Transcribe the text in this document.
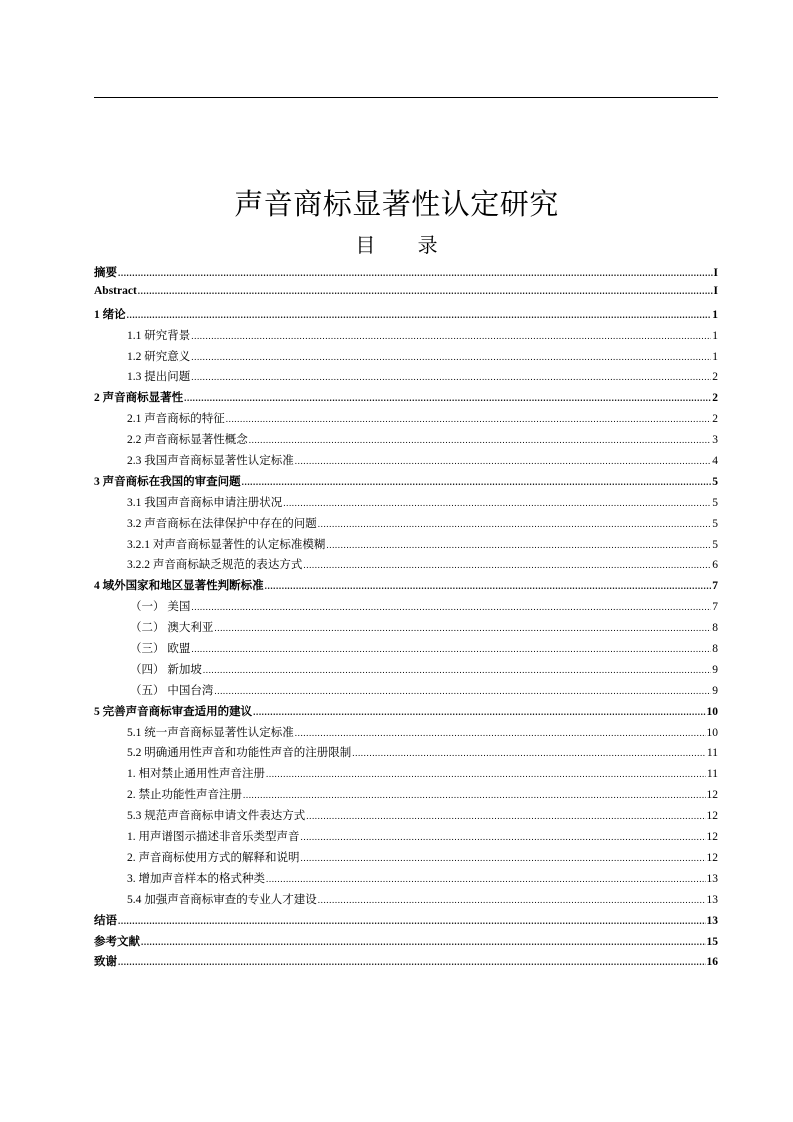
声音商标显著性认定研究
目 录
摘要 .....	I
Abstract .....	I
1 绪论 .....	1
1.1 研究背景 .....	1
1.2 研究意义 .....	1
1.3 提出问题 .....	2
2 声音商标显著性 .....	2
2.1 声音商标的特征 .....	2
2.2 声音商标显著性概念 .....	3
2.3 我国声音商标显著性认定标准 .....	4
3 声音商标在我国的审查问题 .....	5
3.1 我国声音商标申请注册状况 .....	5
3.2 声音商标在法律保护中存在的问题 .....	5
3.2.1 对声音商标显著性的认定标准模糊 .....	5
3.2.2 声音商标缺乏规范的表达方式 .....	6
4 域外国家和地区显著性判断标准 .....	7
（一） 美国 .....	7
（二） 澳大利亚 .....	8
（三） 欧盟 .....	8
（四） 新加坡 .....	9
（五） 中国台湾 .....	9
5 完善声音商标审查适用的建议 .....	10
5.1 统一声音商标显著性认定标准 .....	10
5.2 明确通用性声音和功能性声音的注册限制 .....	11
1. 相对禁止通用性声音注册 .....	11
2. 禁止功能性声音注册 .....	12
5.3 规范声音商标申请文件表达方式 .....	12
1. 用声谱图示描述非音乐类型声音 .....	12
2. 声音商标使用方式的解释和说明 .....	12
3. 增加声音样本的格式种类 .....	13
5.4 加强声音商标审查的专业人才建设 .....	13
结语 .....	13
参考文献 .....	15
致谢 .....	16
